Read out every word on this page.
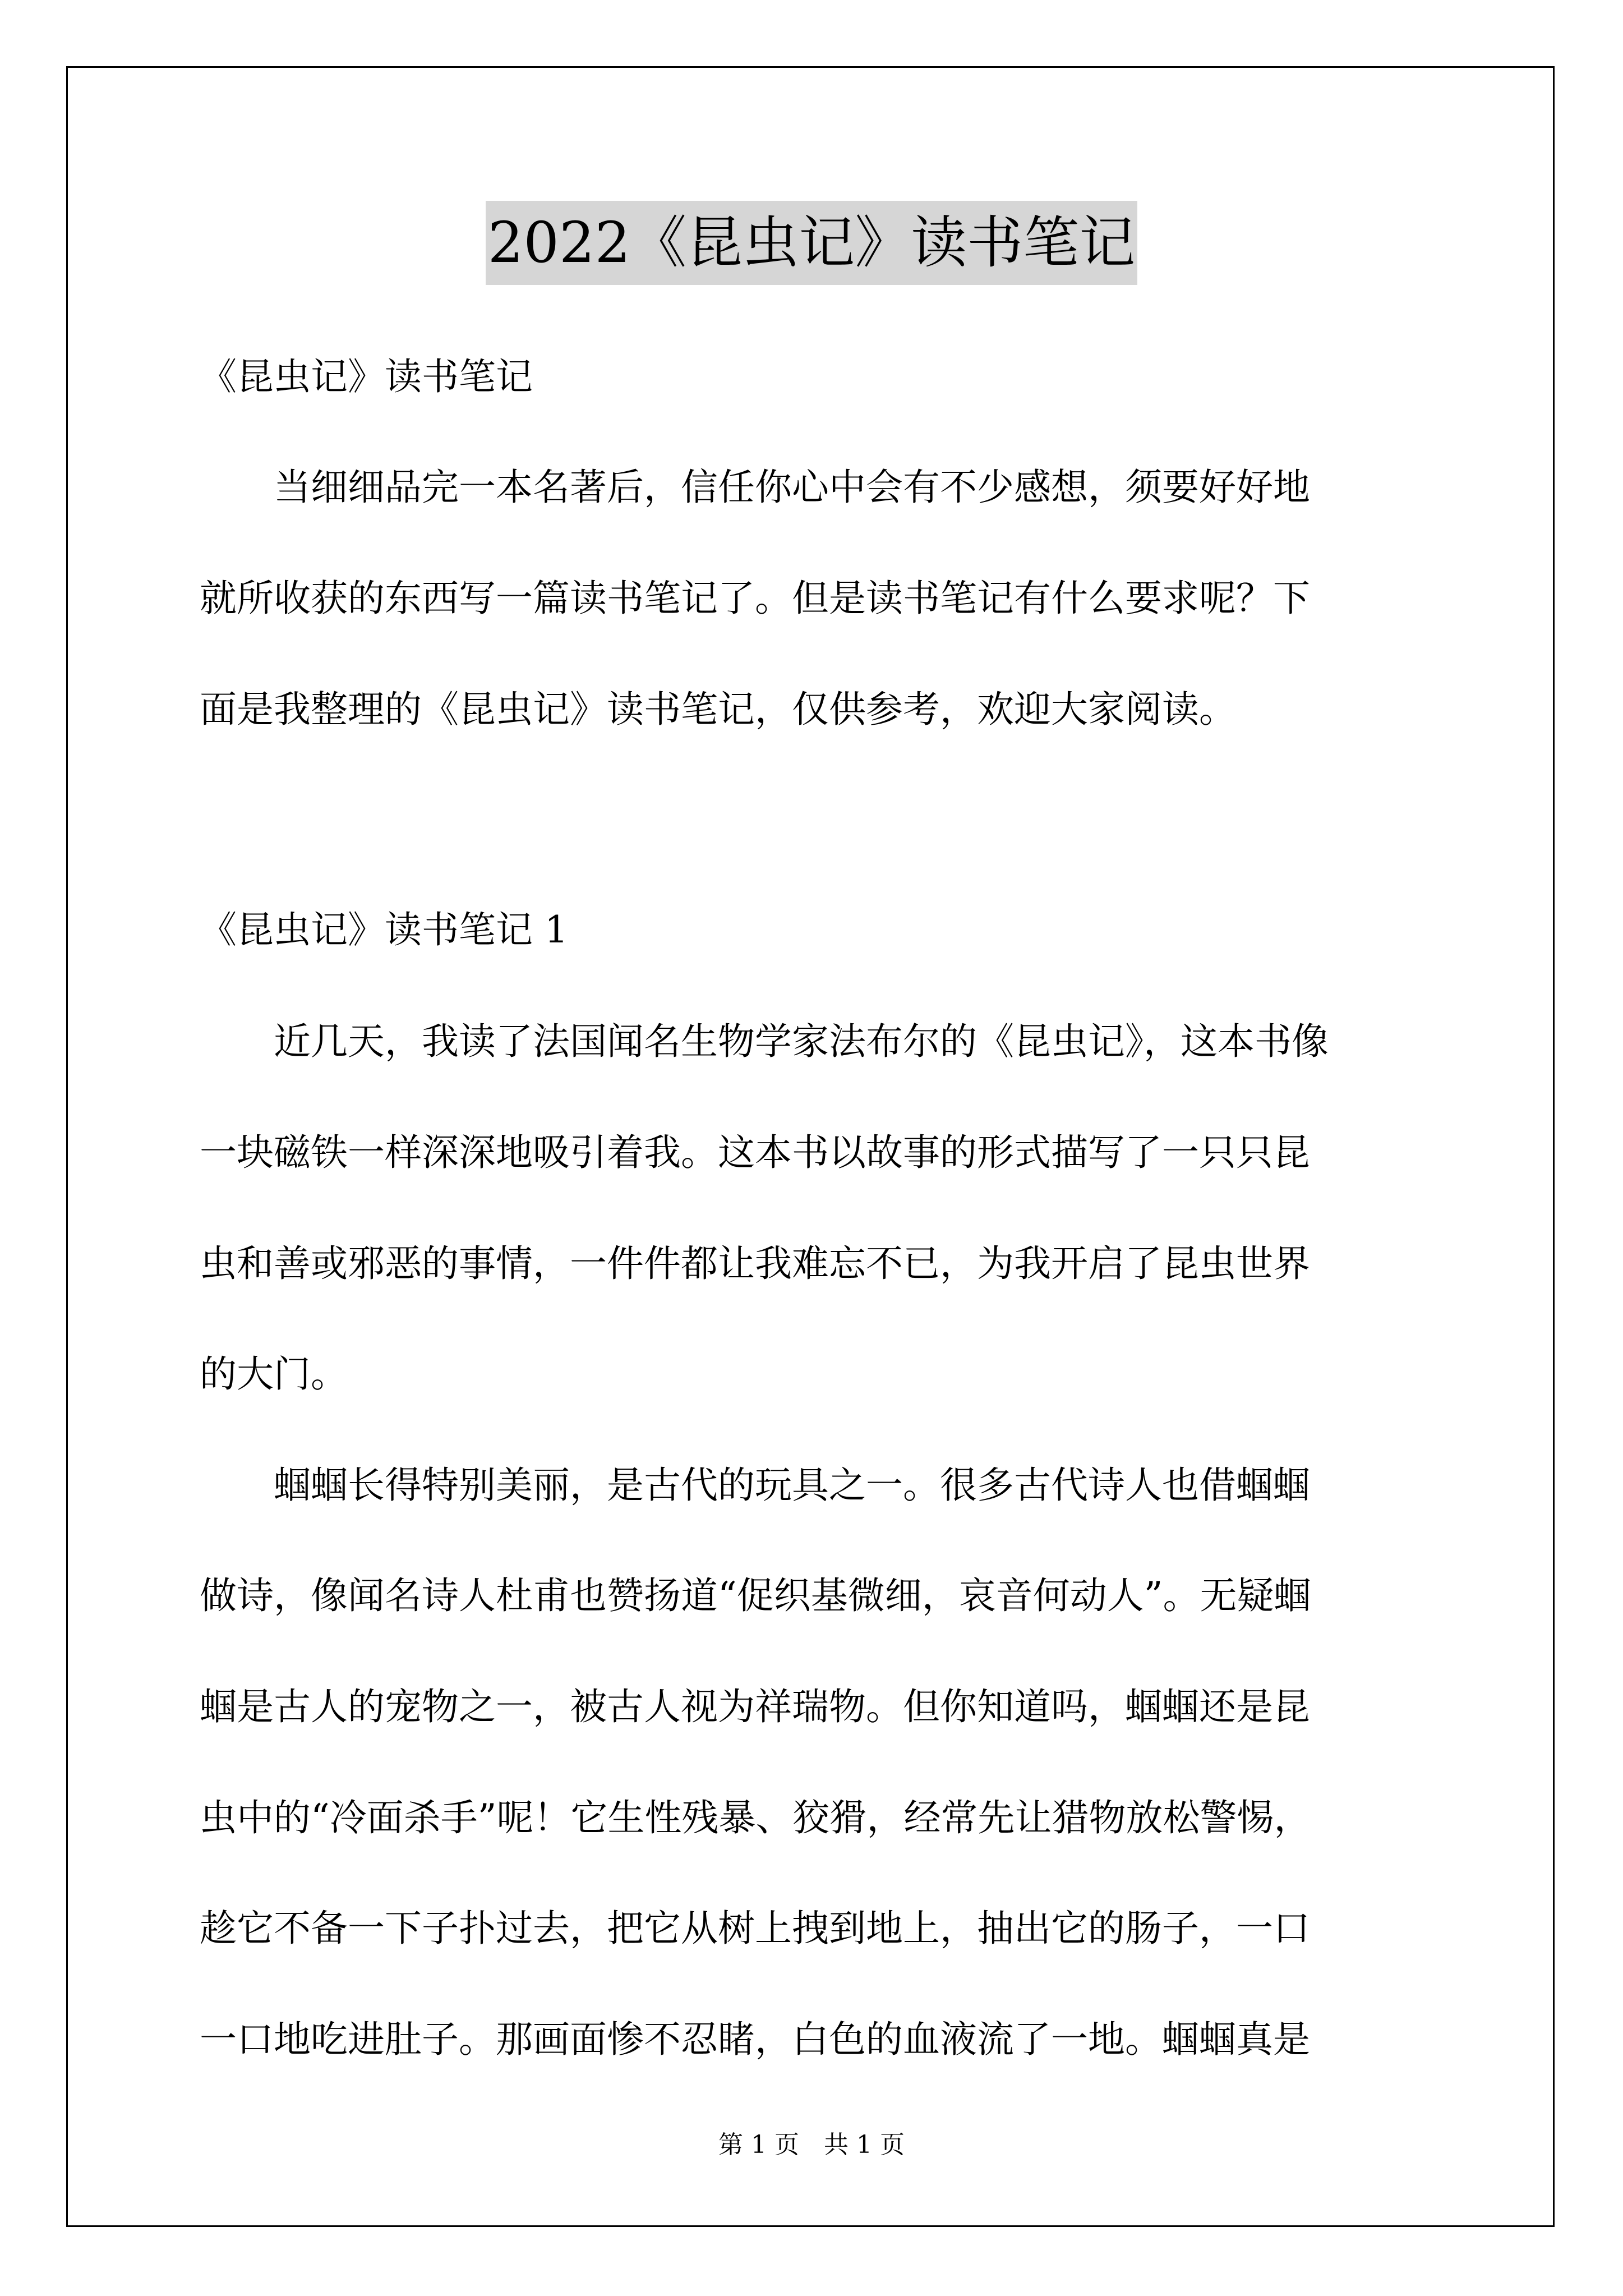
2022《昆虫记》读书笔记
《昆虫记》读书笔记
　　当细细品完一本名著后，信任你心中会有不少感想，须要好好地
就所收获的东西写一篇读书笔记了。但是读书笔记有什么要求呢？下
面是我整理的《昆虫记》读书笔记，仅供参考，欢迎大家阅读。
《昆虫记》读书笔记 1
　　近几天，我读了法国闻名生物学家法布尔的《昆虫记》，这本书像
一块磁铁一样深深地吸引着我。这本书以故事的形式描写了一只只昆
虫和善或邪恶的事情，一件件都让我难忘不已，为我开启了昆虫世界
的大门。
　　蝈蝈长得特别美丽，是古代的玩具之一。很多古代诗人也借蝈蝈
做诗，像闻名诗人杜甫也赞扬道“促织基微细，哀音何动人”。无疑蝈
蝈是古人的宠物之一，被古人视为祥瑞物。但你知道吗，蝈蝈还是昆
虫中的“冷面杀手”呢！它生性残暴、狡猾，经常先让猎物放松警惕，
趁它不备一下子扑过去，把它从树上拽到地上，抽出它的肠子，一口
一口地吃进肚子。那画面惨不忍睹，白色的血液流了一地。蝈蝈真是
第 1 页　共 1 页
